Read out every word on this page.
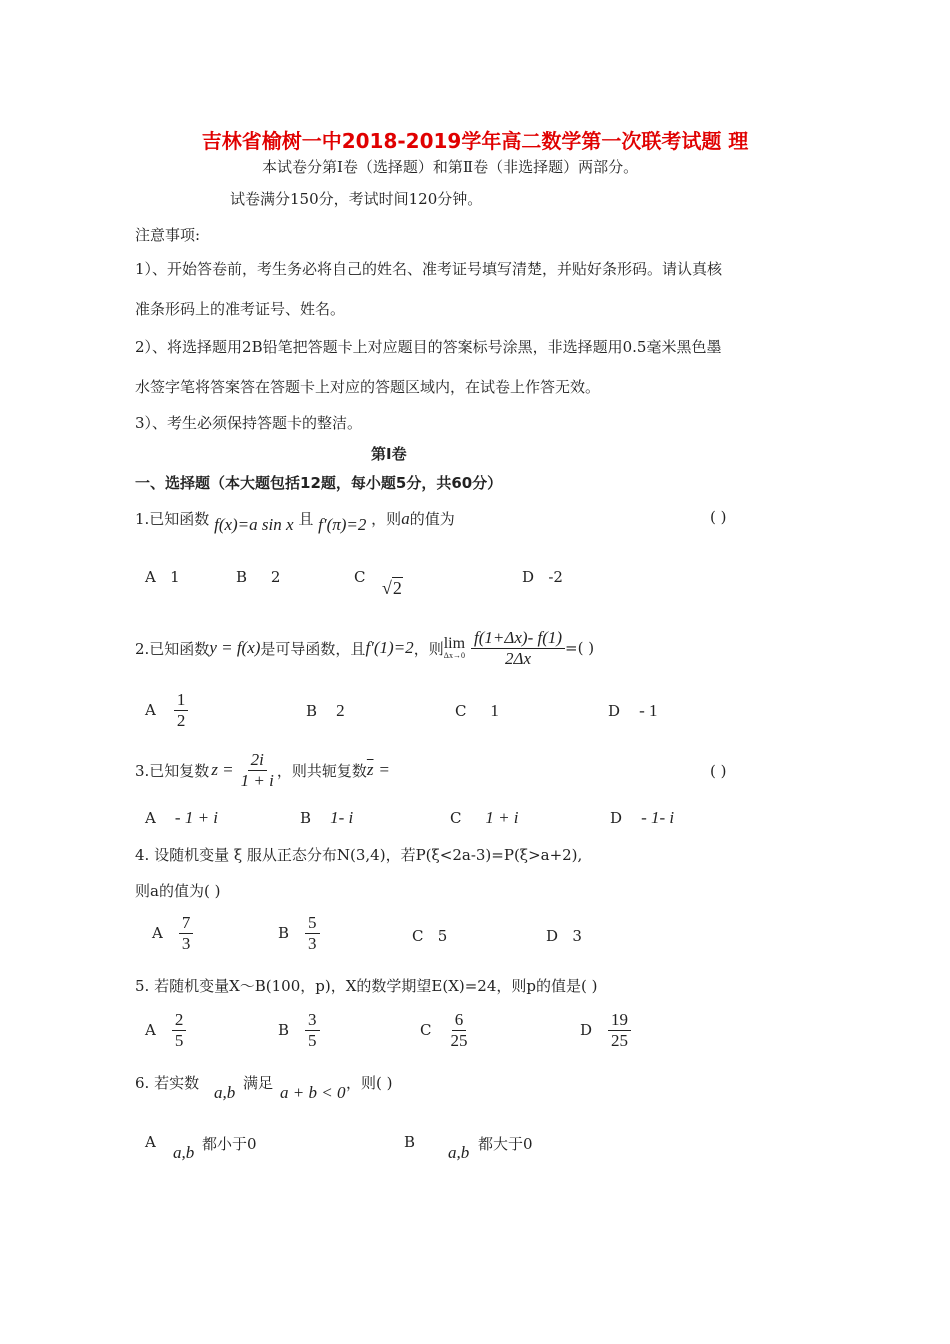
吉林省榆树一中2018-2019学年高二数学第一次联考试题 理
本试卷分第Ⅰ卷（选择题）和第Ⅱ卷（非选择题）两部分。
试卷满分150分，考试时间120分钟。
注意事项:
1）、开始答卷前，考生务必将自己的姓名、准考证号填写清楚，并贴好条形码。请认真核
准条形码上的准考证号、姓名。
2）、将选择题用2B铅笔把答题卡上对应题目的答案标号涂黑，非选择题用0.5毫米黑色墨
水签字笔将答案答在答题卡上对应的答题区域内，在试卷上作答无效。
3）、考生必须保持答题卡的整洁。
第Ⅰ卷
一、选择题（本大题包括12题，每小题5分，共60分）
1.已知函数 f(x)=a sin x 且 f′(π)=2 ，则a的值为	( )
A 1	B 2	C
√2
D -2
2.已知函数 y = f(x) 是可导函数，且 f′(1)=2 ，则 lim
$\Delta x\to 0 \frac{f(1+\Delta x)- f(1)}{2\Delta x}$ =( )
A $\frac{1}{2}$	B 2	C 1	D - 1
3.已知复数 $z = \frac{2i}{1 + i}$ ，则共轭复数 $\overline{z}$ =	( )
A - 1 + i	B 1- i	C 1 + i	D - 1- i
4. 设随机变量 ξ 服从正态分布N(3,4)，若P(ξ<2a-3)=P(ξ>a+2),
则a的值为( )
A $\frac{7}{3}$	B $\frac{5}{3}$	C 5	D 3
5. 若随机变量X～B(100，p)，X的数学期望E(X)=24，则p的值是( )
A $\frac{2}{5}$	B $\frac{3}{5}$	C $\frac{6}{25}$	D $\frac{19}{25}$
6. 若实数 a,b 满足 a + b < 0 ，则( )
A
a,b 都小于0	B
a,b 都大于0
